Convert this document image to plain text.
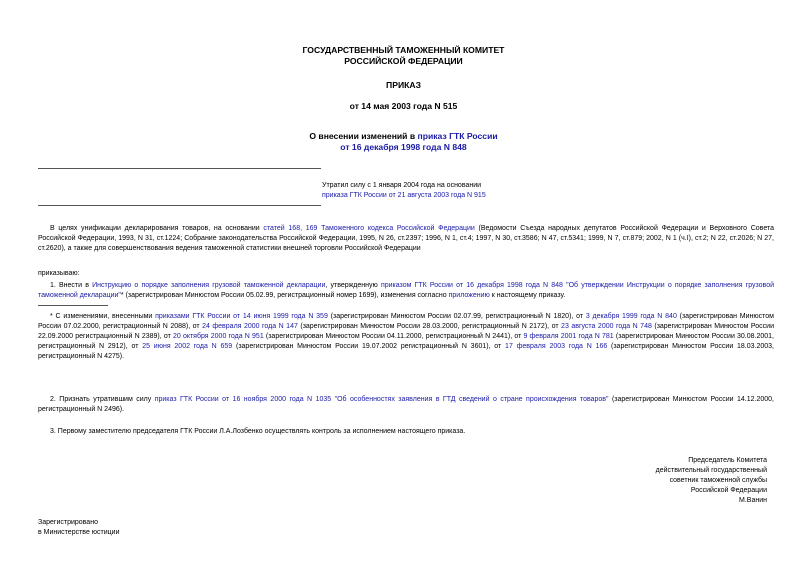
ГОСУДАРСТВЕННЫЙ ТАМОЖЕННЫЙ КОМИТЕТ
РОССИЙСКОЙ ФЕДЕРАЦИИ
ПРИКАЗ
от 14 мая 2003 года N 515
О внесении изменений в приказ ГТК России
от 16 декабря 1998 года N 848
Утратил силу с 1 января 2004 года на основании
приказа ГТК России от 21 августа 2003 года N 915

В целях унификации декларирования товаров, на основании статей 168, 169 Таможенного кодекса Российской Федерации (Ведомости Съезда народных депутатов Российской Федерации и Верховного Совета Российской Федерации, 1993, N 31, ст.1224; Собрание законодательства Российской Федерации, 1995, N 26, ст.2397; 1996, N 1, ст.4; 1997, N 30, ст.3586; N 47, ст.5341; 1999, N 7, ст.879; 2002, N 1 (ч.I), ст.2; N 22, ст.2026; N 27, ст.2620), а также для совершенствования ведения таможенной статистики внешней торговли Российской Федерации

приказываю:

1. Внести в Инструкцию о порядке заполнения грузовой таможенной декларации, утвержденную приказом ГТК России от 16 декабря 1998 года N 848 "Об утверждении Инструкции о порядке заполнения грузовой таможенной декларации"* (зарегистрирован Минюстом России 05.02.99, регистрационный номер 1699), изменения согласно приложению к настоящему приказу.

* С изменениями, внесенными приказами ГТК России от 14 июня 1999 года N 359 (зарегистрирован Минюстом России 02.07.99, регистрационный N 1820), от 3 декабря 1999 года N 840 (зарегистрирован Минюстом России 07.02.2000, регистрационный N 2088), от 24 февраля 2000 года N 147 (зарегистрирован Минюстом России 28.03.2000, регистрационный N 2172), от 23 августа 2000 года N 748 (зарегистрирован Минюстом России 22.09.2000 регистрационный N 2389), от 20 октября 2000 года N 951 (зарегистрирован Минюстом России 04.11.2000, регистрационный N 2441), от 9 февраля 2001 года N 781 (зарегистрирован Минюстом России 30.08.2001, регистрационный N 2912), от 25 июня 2002 года N 659 (зарегистрирован Минюстом России 19.07.2002 регистрационный N 3601), от 17 февраля 2003 года N 166 (зарегистрирован Минюстом России 18.03.2003, регистрационный N 4275).

2. Признать утратившим силу приказ ГТК России от 16 ноября 2000 года N 1035 "Об особенностях заявления в ГТД сведений о стране происхождения товаров" (зарегистрирован Минюстом России 14.12.2000, регистрационный N 2496).

3. Первому заместителю председателя ГТК России Л.А.Лозбенко осуществлять контроль за исполнением настоящего приказа.

Председатель Комитета
действительный государственный
советник таможенной службы
Российской Федерации
М.Ванин
Зарегистрировано
в Министерстве юстиции
